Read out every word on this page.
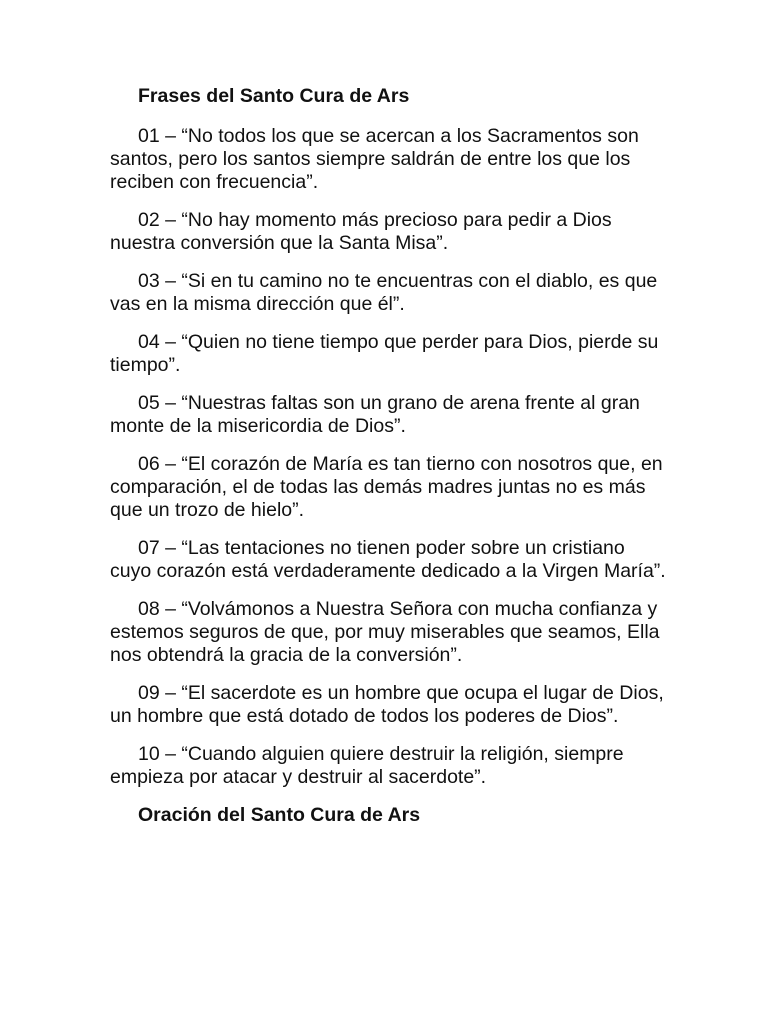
Frases del Santo Cura de Ars

01 – “No todos los que se acercan a los Sacramentos son santos, pero los santos siempre saldrán de entre los que los reciben con frecuencia”.

02 – “No hay momento más precioso para pedir a Dios nuestra conversión que la Santa Misa”.

03 – “Si en tu camino no te encuentras con el diablo, es que vas en la misma dirección que él”.

04 – “Quien no tiene tiempo que perder para Dios, pierde su tiempo”.

05 – “Nuestras faltas son un grano de arena frente al gran monte de la misericordia de Dios”.

06 – “El corazón de María es tan tierno con nosotros que, en comparación, el de todas las demás madres juntas no es más que un trozo de hielo”.

07 – “Las tentaciones no tienen poder sobre un cristiano cuyo corazón está verdaderamente dedicado a la Virgen María”.

08 – “Volvámonos a Nuestra Señora con mucha confianza y estemos seguros de que, por muy miserables que seamos, Ella nos obtendrá la gracia de la conversión”.

09 – “El sacerdote es un hombre que ocupa el lugar de Dios, un hombre que está dotado de todos los poderes de Dios”.

10 – “Cuando alguien quiere destruir la religión, siempre empieza por atacar y destruir al sacerdote”.

Oración del Santo Cura de Ars
